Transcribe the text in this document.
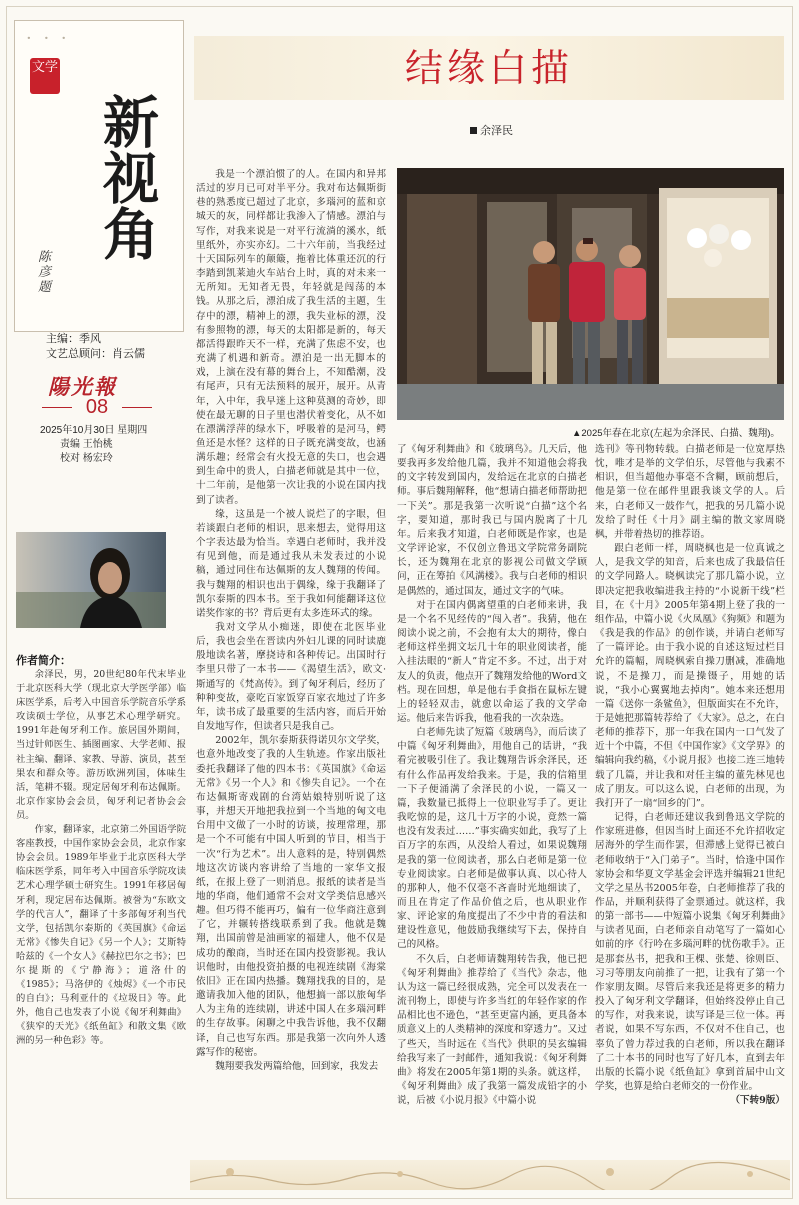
· · ·
文学
新视角
陈彦题
主编：季风
文艺总顾问：肖云儒
陽光報
08
2025年10月30日 星期四
责编 王怡桃
校对 杨宏玲
作者简介：

余泽民，男，20世纪80年代末毕业于北京医科大学（现北京大学医学部）临床医学系，后考入中国音乐学院音乐学系攻读硕士学位，从事艺术心理学研究。1991年赴匈牙利工作。旅居国外期间，当过针师医生、插图画家、大学老师、报社主编、翻译、家教、导游、演员，甚至果农和群众等。游历欧洲列国，体味生活，笔耕不辍。现定居匈牙利布达佩斯。北京作家协会会员，匈牙利记者协会会员。

作家，翻译家，北京第二外国语学院客座教授，中国作家协会会员，北京作家协会会员。1989年毕业于北京医科大学临床医学系，同年考入中国音乐学院攻读艺术心理学硕士研究生。1991年移居匈牙利，现定居布达佩斯。被誉为“东欧文学的代言人”，翻译了十多部匈牙利当代文学，包括凯尔泰斯的《英国旗》《命运无常》《惨失自记》《另一个人》；艾斯特哈兹的《一个女人》《赫拉巴尔之书》；巴尔提斯的《宁静海》；道洛什的《1985》；马洛伊的《烛烬》《一个市民的自白》；马利亚什的《垃圾日》等。此外，他自己也发表了小说《匈牙利舞曲》《狭窄的天光》《纸鱼缸》和散文集《欧洲的另一种色彩》等。

结缘白描
余泽民
▲2025年春在北京(左起为余泽民、白描、魏翔)。

我是一个漂泊惯了的人。在国内和异邦活过的岁月已可对半平分。我对布达佩斯街巷的熟悉度已超过了北京，多瑙河的蓝和京城天的灰，同样都让我渗入了情感。漂泊与写作，对我来说是一对平行流淌的溪水，纸里纸外，亦实亦幻。二十六年前，当我经过十天国际列车的颠簸，拖着比体重还沉的行李踏到凯莱迪火车站台上时，真的对未来一无所知。无知者无畏，年轻就是闯荡的本钱。从那之后，漂泊成了我生活的主题，生存中的漂，精神上的漂，我失业标的漂，没有参照物的漂，每天的太阳都是新的，每天都活得跟昨天不一样，充满了焦虑不安，也充满了机遇和新奇。漂泊是一出无脚本的戏，上演在没有幕的舞台上，不知酷潮，没有尾声，只有无法预料的展开，展开。从青年，入中年，我早迷上这种莫测的奇妙，即使在最无聊的日子里也潜伏着变化，从不如在漂满浮萍的绿水下，呼吸着的是河马，鳄鱼还是水怪？这样的日子既充满变故，也涵满乐趣；经常会有火投无意的失口，也会遇到生命中的贵人，白描老师就是其中一位，十二年前，是他第一次让我的小说在国内找到了读者。

缘，这虽是一个被人说烂了的字眼，但若谈跟白老师的相识，思来想去，觉得用这个字表达最为恰当。幸遇白老师时，我并没有见到他，而是通过我从未发表过的小说稿，通过同住布达佩斯的友人魏翔的传闻。我与魏翔的相识也出于偶缘，缘于我翻译了凯尔泰斯的四本书。至于我如何能翻译这位诺奖作家的书？背后更有太多连环式的缘。

我对文学从小痴迷，即使在北医毕业后，我也会坐在晋读内外妇儿课的同时读鹿殷地读名著，摩挠诗和各种传记。出国时行李里只带了一本书——《渴望生活》，欧文·斯通写的《梵高传》。到了匈牙利后，经历了种种变故，豪吃百家饭穿百家衣地过了许多年，读书成了最重要的生活内容，而后开始自发地写作，但读者只是我自己。

2002年，凯尔泰斯获得诺贝尔文学奖，也意外地改变了我的人生轨迹。作家出版社委托我翻译了他的四本书：《英国旗》《命运无常》《另一个人》和《惨失自记》。一个在布达佩斯寄戏剧的台湾姑娘特别听说了这事，并想天开地把我拉到一个当地的匈文电台用中文做了一小时的访谈，按理常理，那是一个不可能有中国人听到的节目，相当于一次“行为艺术”。出人意料的是，特别偶然地这次访谈内容讲给了当地的一家华文报纸，在报上登了一则消息。报纸的读者是当地的华商，他们通常不会对文学类信息感兴趣。但巧得不能再巧，偏有一位华商注意到了它，并辗转搭线联系到了我。他就是魏翔，出国前曾是油画家的福建人，他不仅是成功的酿商，当时还在国内投资影视。我认识他时，由他投资拍摄的电视连续剧《海棠依旧》正在国内热播。魏翔找我的目的，是邀请我加入他的团队，他想搞一部以旅匈华人为主角的连续剧，讲述中国人在多瑙河畔的生存故事。闲聊之中我告诉他，我不仅翻译，自己也写东西。那是我第一次向外人透露写作的秘密。

魏翔要我发两篇给他，回到家，我发去

了《匈牙利舞曲》和《玻璃鸟》。几天后，他要我再多发给他几篇，我并不知道他会将我的文字转发到国内，发给远在北京的白描老师。事后魏翔解释，他“想请白描老师帮助把一下关”。那是我第一次听说“白描”这个名字，要知道，那时我已与国内脱离了十几年。后来我才知道，白老师既是作家，也是文学评论家，不仅创立鲁迅文学院常务副院长，还为魏翔在北京的影视公司做文学顾问，正在筹拍《风满楼》。我与白老师的相识是偶然的，通过国友，通过文字的气味。

对于在国内偶离望重的白老师来讲，我是一个名不见经传的“闯入者”。我猜，他在阅读小说之前，不会抱有太大的期待，像白老师这样坐拥文坛几十年的职业阅读者，能入挂法眼的“新人”肯定不多。不过，出于对友人的负责，他点开了魏翔发给他的Word文档。现在回想，单是他右手食指在鼠标左键上的轻轻双击，就愈以命运了我的文学命运。他后来告诉我，他看我的一次杂选。

白老师先读了短篇《玻璃鸟》，而后读了中篇《匈牙利舞曲》，用他自己的话讲，“我看完被吸引住了。我让魏翔告诉余泽民，还有什么作品再发给我来。于是，我的信箱里一下子便涌满了余泽民的小说，一篇又一篇，我数量已抵得上一位职业写手了。更让我吃惊的是，这几十万字的小说，竟然一篇也没有发表过……”事实确实如此，我写了上百万字的东西，从没给人看过，如果说魏翔是我的第一位阅读者，那么白老师是第一位专业阅读家。白老师是做事认真、以心待人的那种人，他不仅毫不吝啬时光地细读了，而且在肯定了作品价值之后，也从职业作家、评论家的角度提出了不少中肯的看法和建设性意见，他鼓励我继续写下去，保持自己的风格。

不久后，白老师请魏翔转告我，他已把《匈牙利舞曲》推荐给了《当代》杂志，他认为这一篇已经很成熟，完全可以发表在一流刊物上，即使与许多当红的年轻作家的作品相比也不逊色，“甚至更富内涵，更具备本质意义上的人类精神的深度和穿透力”。又过了些天，当时远在《当代》供职的吴玄编辑给我写来了一封邮件，通知我说：《匈牙利舞曲》将发在2005年第1期的头条。就这样，《匈牙利舞曲》成了我第一篇发成铅字的小说，后被《小说月报》《中篇小说

选刊》等刊物转载。白描老师是一位宽厚热忱，唯才是举的文学伯乐，尽管他与我素不相识，但当超他办事毫不含糊，顾前想后，他是第一位在邮件里跟我谈文学的人。后来，白老师又一鼓作气，把我的另几篇小说发给了时任《十月》副主编的散文家周晓枫，并带着热切的推荐语。

跟白老师一样，周晓枫也是一位真诚之人，是我文学的知音，后来也成了我最信任的文学同路人。晓枫读完了那几篇小说，立即决定把我收编进我主持的“小说新干线”栏目，在《十月》2005年第4期上登了我的一组作品，中篇小说《火凤凰》《狗频》和题为《我是我的作品》的创作谈，并请白老师写了一篇评论。由于我小说的自述这短过栏目允许的篇幅，周晓枫索自操刀删减，准确地说，不是操刀，而是操镊子，用她的话说，“我小心翼翼地去掉肉”。她本来还想用一篇《送你一条鲨鱼》，但版面实在不允许，于是她把那篇转荐给了《大家》。总之，在白老师的推荐下，那一年我在国内一口气发了近十个中篇，不但《中国作家》《文学界》的编辑向我约稿，《小说月报》也接二连三地转载了几篇，并让我和对任主编的董先林见也成了朋友。可以这么说，白老师的出现，为我打开了一扇“回乡的门”。

记得，白老师还建议我到鲁迅文学院的作家班进修，但因当时上面还不允许招收定居海外的学生而作罢，但滞感上觉得已被白老师收纳于“入门弟子”。当时，恰逢中国作家协会和华夏文学基金会评选并编辑21世纪文学之星丛书2005年卷，白老师推荐了我的作品，并顺利获得了金票通过。就这样，我的第一部书——中短篇小说集《匈牙利舞曲》与读者见面，白老师亲自动笔写了一篇如心如前的序《行吟在多瑙河畔的忧伤歌手》。正是那套丛书，把我和王棵、张楚、徐则臣、习习等朋友向前推了一把，让我有了第一个作家朋友圈。尽管后来我还是将更多的精力投入了匈牙利文学翻译，但始终没停止自己的写作，对我来说，读写译是三位一体。再者说，如果不写东西，不仅对不住自己，也辜负了曾力荐过我的白老师，所以我在翻译了二十本书的同时也写了好几本，直到去年出版的长篇小说《纸鱼缸》拿到首届中山文学奖，也算是给白老师交的一份作业。

（下转9版）
